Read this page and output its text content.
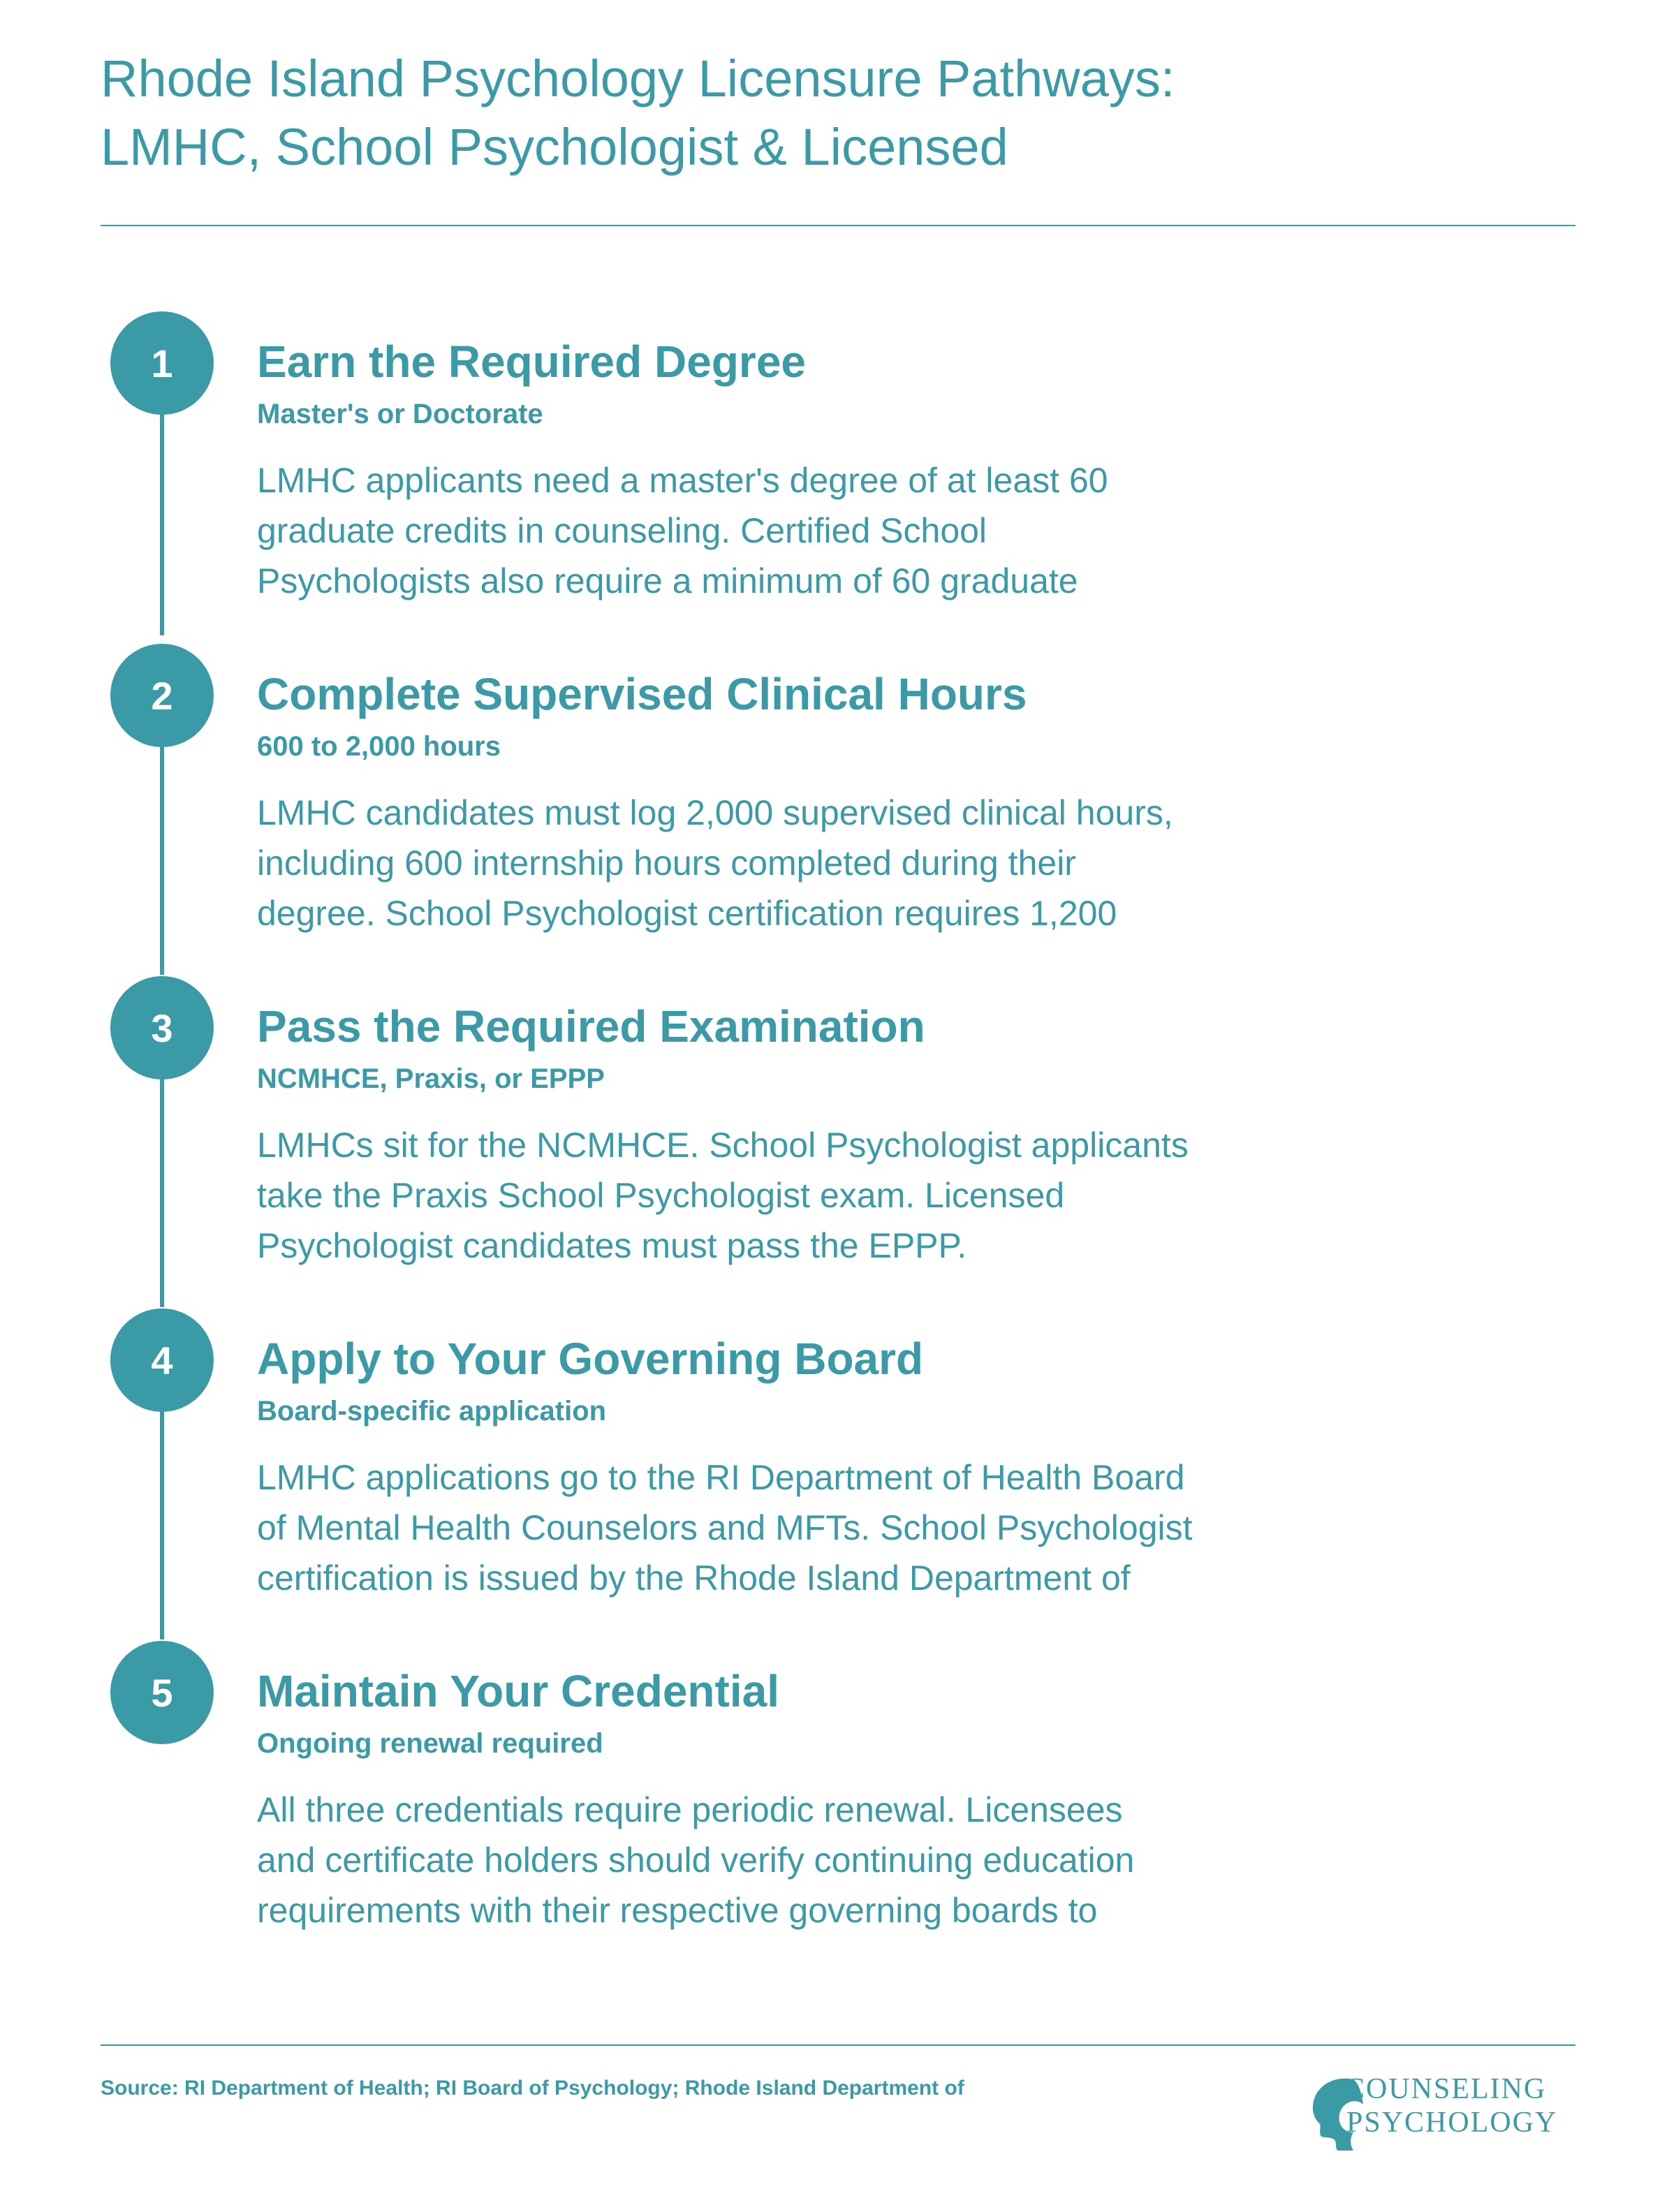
Rhode Island Psychology Licensure Pathways:
LMHC, School Psychologist & Licensed
1 Earn the Required Degree
Master's or Doctorate
LMHC applicants need a master's degree of at least 60
graduate credits in counseling. Certified School
Psychologists also require a minimum of 60 graduate
2 Complete Supervised Clinical Hours
600 to 2,000 hours
LMHC candidates must log 2,000 supervised clinical hours,
including 600 internship hours completed during their
degree. School Psychologist certification requires 1,200
3 Pass the Required Examination
NCMHCE, Praxis, or EPPP
LMHCs sit for the NCMHCE. School Psychologist applicants
take the Praxis School Psychologist exam. Licensed
Psychologist candidates must pass the EPPP.
4 Apply to Your Governing Board
Board-specific application
LMHC applications go to the RI Department of Health Board
of Mental Health Counselors and MFTs. School Psychologist
certification is issued by the Rhode Island Department of
5 Maintain Your Credential
Ongoing renewal required
All three credentials require periodic renewal. Licensees
and certificate holders should verify continuing education
requirements with their respective governing boards to
Source: RI Department of Health; RI Board of Psychology; Rhode Island Department of	COUNSELING
PSYCHOLOGY
